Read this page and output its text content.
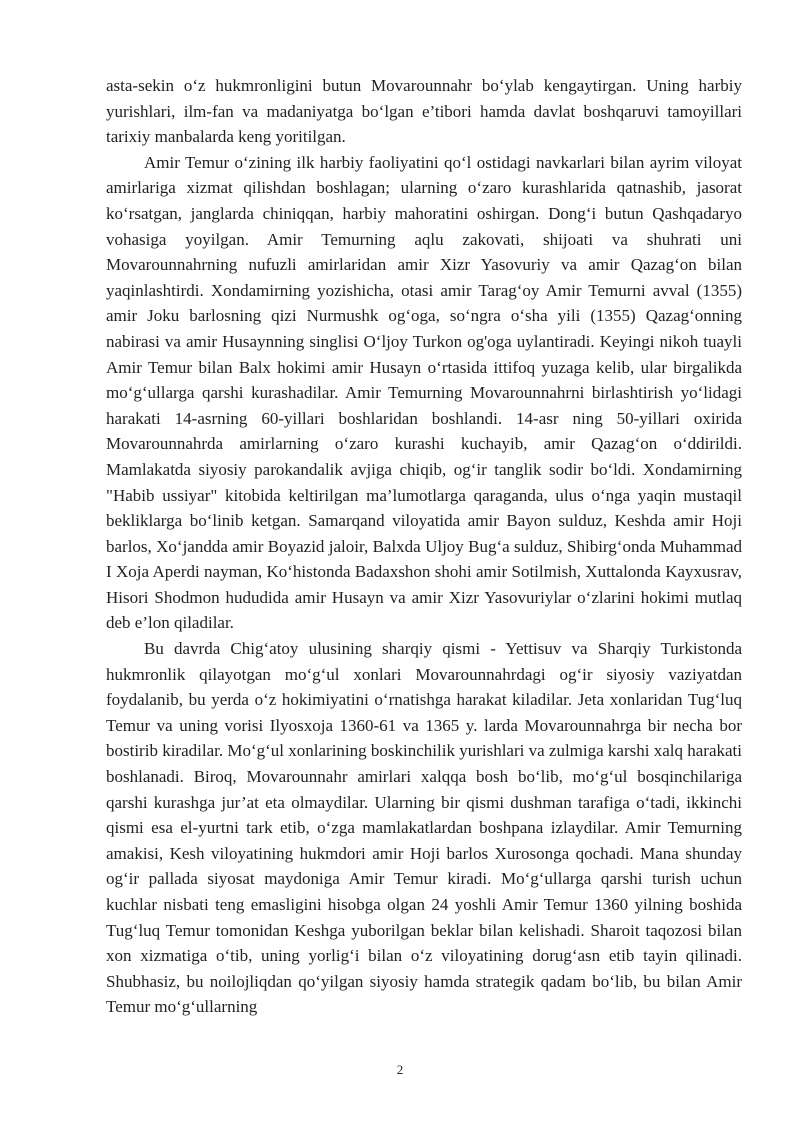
asta-sekin o‘z hukmronligini butun Movarounnahr bo‘ylab kengaytirgan. Uning harbiy yurishlari, ilm-fan va madaniyatga bo‘lgan e’tibori hamda davlat boshqaruvi tamoyillari tarixiy manbalarda keng yoritilgan.

Amir Temur o‘zining ilk harbiy faoliyatini qo‘l ostidagi navkarlari bilan ayrim viloyat amirlariga xizmat qilishdan boshlagan; ularning o‘zaro kurashlarida qatnashib, jasorat ko‘rsatgan, janglarda chiniqqan, harbiy mahoratini oshirgan. Dong‘i butun Qashqadaryo vohasiga yoyilgan. Amir Temurning aqlu zakovati, shijoati va shuhrati uni Movarounnahrning nufuzli amirlaridan amir Xizr Yasovuriy va amir Qazag‘on bilan yaqinlashtirdi. Xondamirning yozishicha, otasi amir Tarag‘oy Amir Temurni avval (1355) amir Joku barlosning qizi Nurmushk og‘oga, so‘ngra o‘sha yili (1355) Qazag‘onning nabirasi va amir Husaynning singlisi O‘ljoy Turkon og'oga uylantiradi. Keyingi nikoh tuayli Amir Temur bilan Balx hokimi amir Husayn o‘rtasida ittifoq yuzaga kelib, ular birgalikda mo‘g‘ullarga qarshi kurashadilar. Amir Temurning Movarounnahrni birlashtirish yo‘lidagi harakati 14-asrning 60-yillari boshlaridan boshlandi. 14-asr ning 50-yillari oxirida Movarounnahrda amirlarning o‘zaro kurashi kuchayib, amir Qazag‘on o‘ddirildi. Mamlakatda siyosiy parokandalik avjiga chiqib, og‘ir tanglik sodir bo‘ldi. Xondamirning "Habib ussiyar" kitobida keltirilgan ma’lumotlarga qaraganda, ulus o‘nga yaqin mustaqil bekliklarga bo‘linib ketgan. Samarqand viloyatida amir Bayon sulduz, Keshda amir Hoji barlos, Xo‘jandda amir Boyazid jaloir, Balxda Uljoy Bug‘a sulduz, Shibirg‘onda Muhammad I Xoja Aperdi nayman, Ko‘histonda Badaxshon shohi amir Sotilmish, Xuttalonda Kayxusrav, Hisori Shodmon hududida amir Husayn va amir Xizr Yasovuriylar o‘zlarini hokimi mutlaq deb e’lon qiladilar.

Bu davrda Chig‘atoy ulusining sharqiy qismi - Yettisuv va Sharqiy Turkistonda hukmronlik qilayotgan mo‘g‘ul xonlari Movarounnahrdagi og‘ir siyosiy vaziyatdan foydalanib, bu yerda o‘z hokimiyatini o‘rnatishga harakat kiladilar. Jeta xonlaridan Tug‘luq Temur va uning vorisi Ilyosxoja 1360-61 va 1365 y. larda Movarounnahrga bir necha bor bostirib kiradilar. Mo‘g‘ul xonlarining boskinchilik yurishlari va zulmiga karshi xalq harakati boshlanadi. Biroq, Movarounnahr amirlari xalqqa bosh bo‘lib, mo‘g‘ul bosqinchilariga qarshi kurashga jur’at eta olmaydilar. Ularning bir qismi dushman tarafiga o‘tadi, ikkinchi qismi esa el-yurtni tark etib, o‘zga mamlakatlardan boshpana izlaydilar. Amir Temurning amakisi, Kesh viloyatining hukmdori amir Hoji barlos Xurosonga qochadi. Mana shunday og‘ir pallada siyosat maydoniga Amir Temur kiradi. Mo‘g‘ullarga qarshi turish uchun kuchlar nisbati teng emasligini hisobga olgan 24 yoshli Amir Temur 1360 yilning boshida Tug‘luq Temur tomonidan Keshga yuborilgan beklar bilan kelishadi. Sharoit taqozosi bilan xon xizmatiga o‘tib, uning yorlig‘i bilan o‘z viloyatining dorug‘asn etib tayin qilinadi. Shubhasiz, bu noilojliqdan qo‘yilgan siyosiy hamda strategik qadam bo‘lib, bu bilan Amir Temur mo‘g‘ullarning

2
